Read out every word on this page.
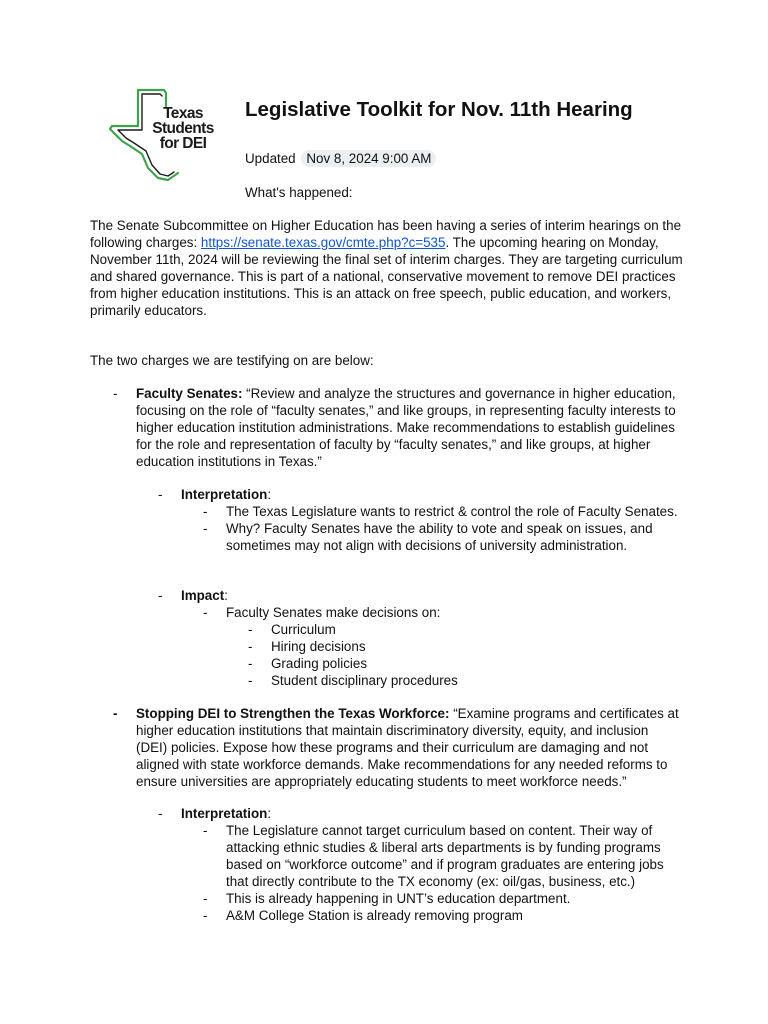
Texas
Students
for DEI
Legislative Toolkit for Nov. 11th Hearing
Updated Nov 8, 2024 9:00 AM
What's happened:
The Senate Subcommittee on Higher Education has been having a series of interim hearings on the following charges: https://senate.texas.gov/cmte.php?c=535. The upcoming hearing on Monday, November 11th, 2024 will be reviewing the final set of interim charges. They are targeting curriculum and shared governance. This is part of a national, conservative movement to remove DEI practices from higher education institutions. This is an attack on free speech, public education, and workers, primarily educators.
The two charges we are testifying on are below:
- Faculty Senates: “Review and analyze the structures and governance in higher education, focusing on the role of “faculty senates,” and like groups, in representing faculty interests to higher education institution administrations. Make recommendations to establish guidelines for the role and representation of faculty by “faculty senates,” and like groups, at higher education institutions in Texas.”
- Interpretation:
- The Texas Legislature wants to restrict & control the role of Faculty Senates.
- Why? Faculty Senates have the ability to vote and speak on issues, and sometimes may not align with decisions of university administration.
- Impact:
- Faculty Senates make decisions on:
- Curriculum
- Hiring decisions
- Grading policies
- Student disciplinary procedures
- Stopping DEI to Strengthen the Texas Workforce: “Examine programs and certificates at higher education institutions that maintain discriminatory diversity, equity, and inclusion (DEI) policies. Expose how these programs and their curriculum are damaging and not aligned with state workforce demands. Make recommendations for any needed reforms to ensure universities are appropriately educating students to meet workforce needs.”
- Interpretation:
- The Legislature cannot target curriculum based on content. Their way of attacking ethnic studies & liberal arts departments is by funding programs based on “workforce outcome” and if program graduates are entering jobs that directly contribute to the TX economy (ex: oil/gas, business, etc.)
- This is already happening in UNT’s education department.
- A&M College Station is already removing program
